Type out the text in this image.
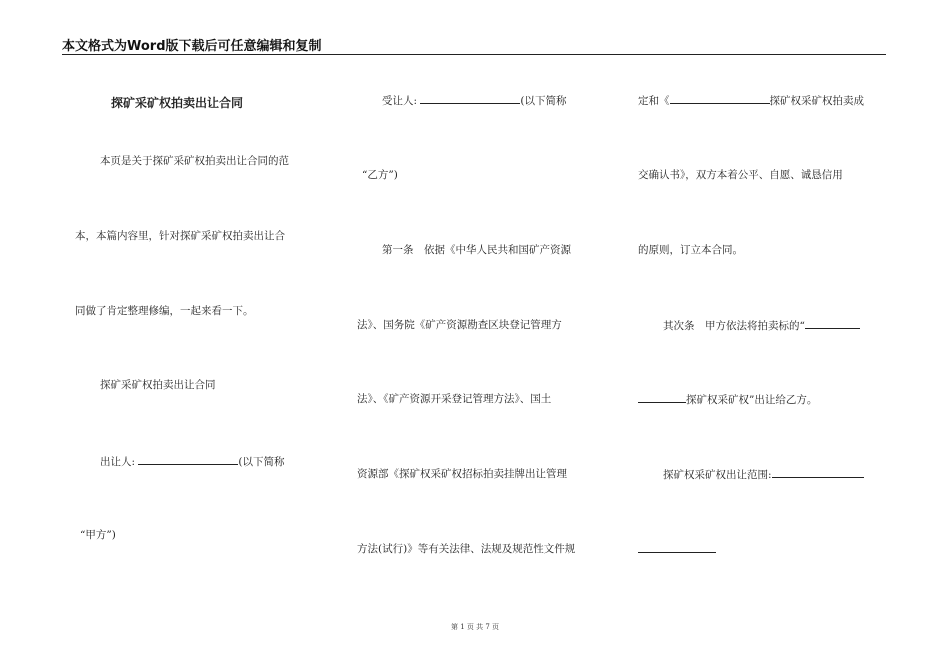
本文格式为Word版下载后可任意编辑和复制
探矿采矿权拍卖出让合同
本页是关于探矿采矿权拍卖出让合同的范
本，本篇内容里，针对探矿采矿权拍卖出让合
同做了肯定整理修编，一起来看一下。
探矿采矿权拍卖出让合同
出让人:	(以下简称
“甲方”)
受让人:	(以下简称
“乙方”)
第一条　依据《中华人民共和国矿产资源
法》、国务院《矿产资源勘查区块登记管理方
法》、《矿产资源开采登记管理方法》、国土
资源部《探矿权采矿权招标拍卖挂牌出让管理
方法(试行)》等有关法律、法规及规范性文件规
定和《	探矿权采矿权拍卖成
交确认书》，双方本着公平、自愿、诚恳信用
的原则，订立本合同。
其次条　甲方依法将拍卖标的“
探矿权采矿权”出让给乙方。
探矿权采矿权出让范围:
第 1 页 共 7 页
